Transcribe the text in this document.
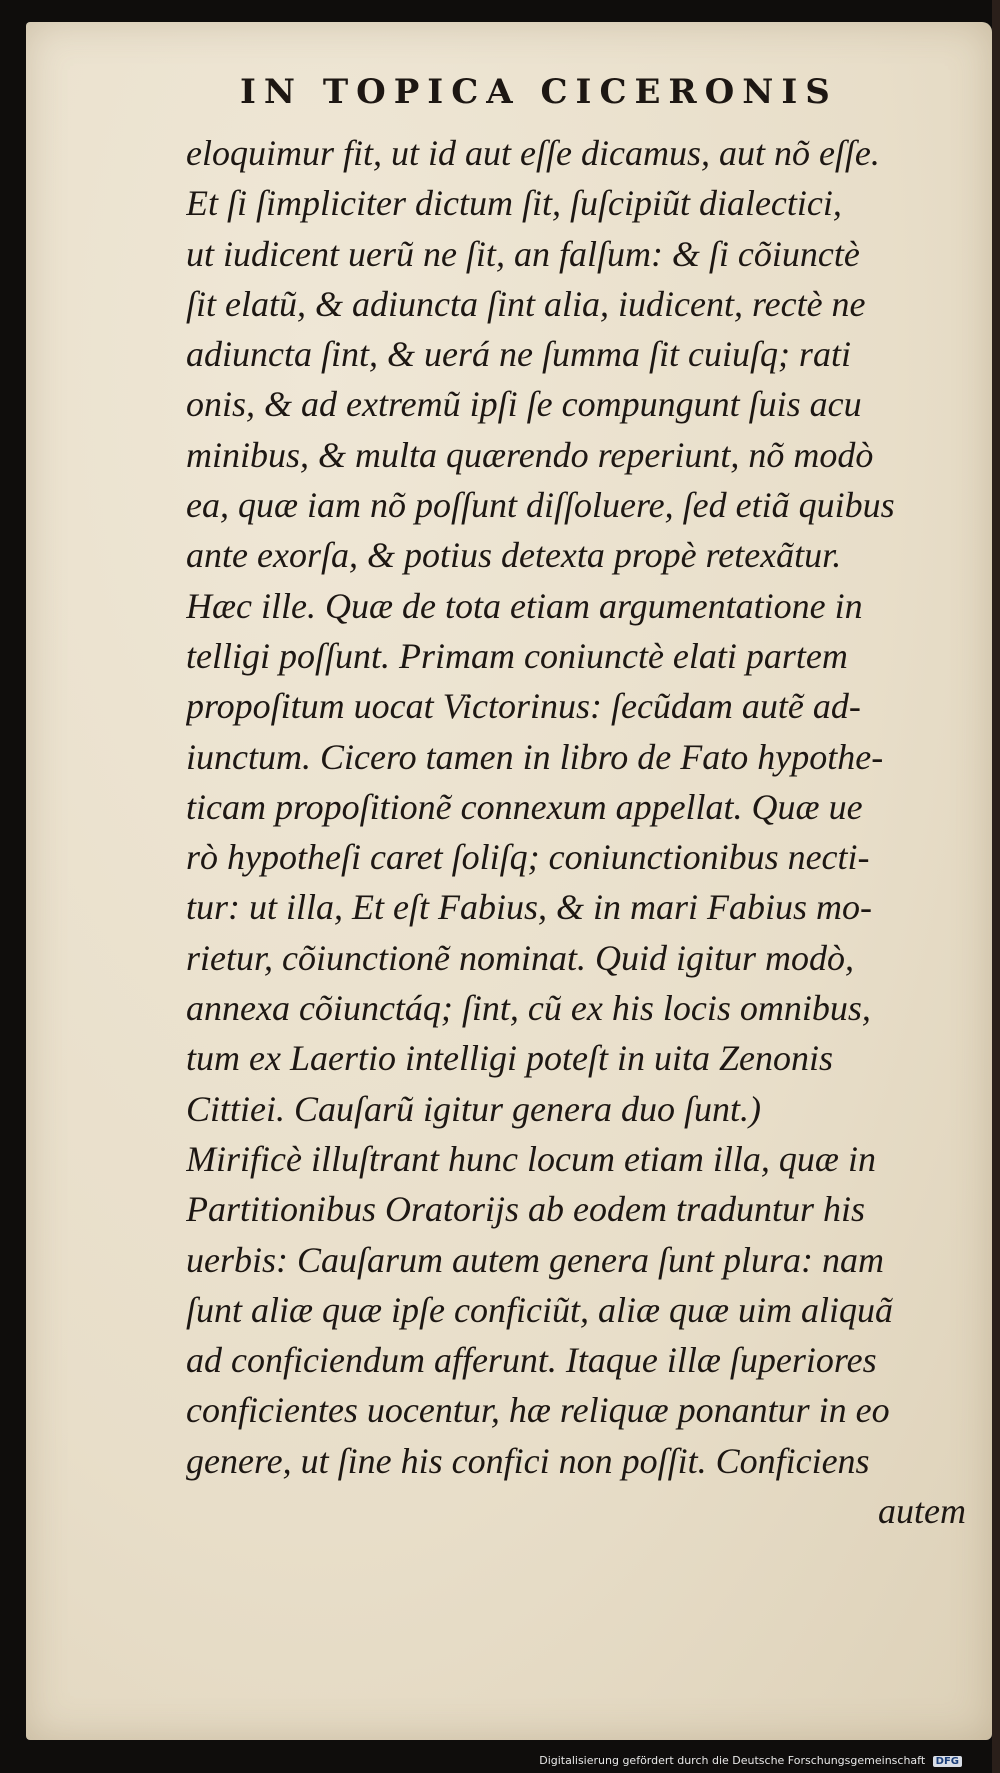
IN TOPICA CICERONIS
eloquimur fit, ut id aut eſſe dicamus, aut nõ eſſe.
Et ſi ſimpliciter dictum ſit, ſuſcipiũt dialectici,
ut iudicent uerũ ne ſit, an falſum: & ſi cõiunctè
ſit elatũ, & adiuncta ſint alia, iudicent, rectè ne
adiuncta ſint, & uerá ne ſumma ſit cuiuſq; rati
onis, & ad extremũ ipſi ſe compungunt ſuis acu
minibus, & multa quærendo reperiunt, nõ modò
ea, quæ iam nõ poſſunt diſſoluere, ſed etiã quibus
ante exorſa, & potius detexta propè retexãtur.
Hæc ille. Quæ de tota etiam argumentatione in
telligi poſſunt. Primam coniunctè elati partem
propoſitum uocat Victorinus: ſecũdam autẽ ad-
iunctum. Cicero tamen in libro de Fato hypothe-
ticam propoſitionẽ connexum appellat. Quæ ue
rò hypotheſi caret ſoliſq; coniunctionibus necti-
tur: ut illa, Et eſt Fabius, & in mari Fabius mo-
rietur, cõiunctionẽ nominat. Quid igitur modò,
annexa cõiunctáq; ſint, cũ ex his locis omnibus,
tum ex Laertio intelligi poteſt in uita Zenonis
Cittiei. Cauſarũ igitur genera duo ſunt.)
Mirificè illuſtrant hunc locum etiam illa, quæ in
Partitionibus Oratorijs ab eodem traduntur his
uerbis: Cauſarum autem genera ſunt plura: nam
ſunt aliæ quæ ipſe conficiũt, aliæ quæ uim aliquã
ad conficiendum afferunt. Itaque illæ ſuperiores
conficientes uocentur, hæ reliquæ ponantur in eo
genere, ut ſine his confici non poſſit. Conficiens
autem
Digitalisierung gefördert durch die Deutsche Forschungsgemeinschaft DFG
